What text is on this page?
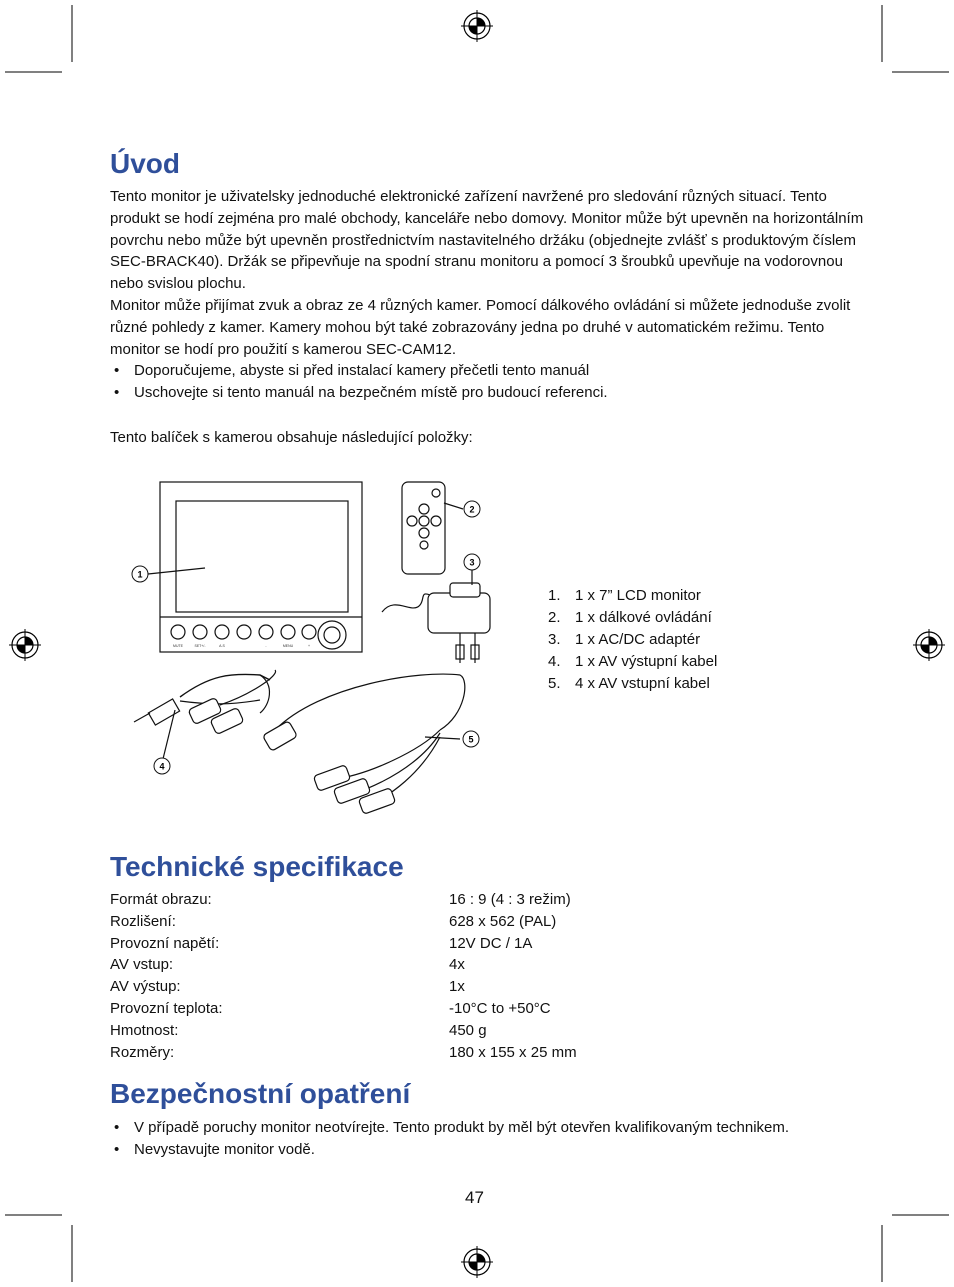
Úvod

Tento monitor je uživatelsky jednoduché elektronické zařízení navržené pro sledování různých situací. Tento produkt se hodí zejména pro malé obchody, kanceláře nebo domovy. Monitor může být upevněn na horizontálním povrchu nebo může být upevněn prostřednictvím nastavitelného držáku (objednejte zvlášť s produktovým číslem SEC-BRACK40). Držák se připevňuje na spodní stranu monitoru a pomocí 3 šroubků upevňuje na vodorovnou nebo svislou plochu.

Monitor může přijímat zvuk a obraz ze 4 různých kamer. Pomocí dálkového ovládání si můžete jednoduše zvolit různé pohledy z kamer. Kamery mohou být také zobrazovány jedna po druhé v automatickém režimu. Tento monitor se hodí pro použití s kamerou SEC-CAM12.

• Doporučujeme, abyste si před instalací kamery přečetli tento manuál
• Uschovejte si tento manuál na bezpečném místě pro budoucí referenci.
Tento balíček s kamerou obsahuje následující položky:
1
2
3
4
5
MUTE	SET+/-	A.S	-	MENU	+
1. 1 x 7” LCD monitor
2. 1 x dálkové ovládání
3. 1 x AC/DC adaptér
4. 1 x AV výstupní kabel
5. 4 x AV vstupní kabel
Technické specifikace
Formát obrazu:	16 : 9 (4 : 3 režim)
Rozlišení:	628 x 562 (PAL)
Provozní napětí:	12V DC / 1A
AV vstup:	4x
AV výstup:	1x
Provozní teplota:	-10°C to +50°C
Hmotnost:	450 g
Rozměry:	180 x 155 x 25 mm
Bezpečnostní opatření
• V případě poruchy monitor neotvírejte. Tento produkt by měl být otevřen kvalifikovaným technikem.
• Nevystavujte monitor vodě.
47
